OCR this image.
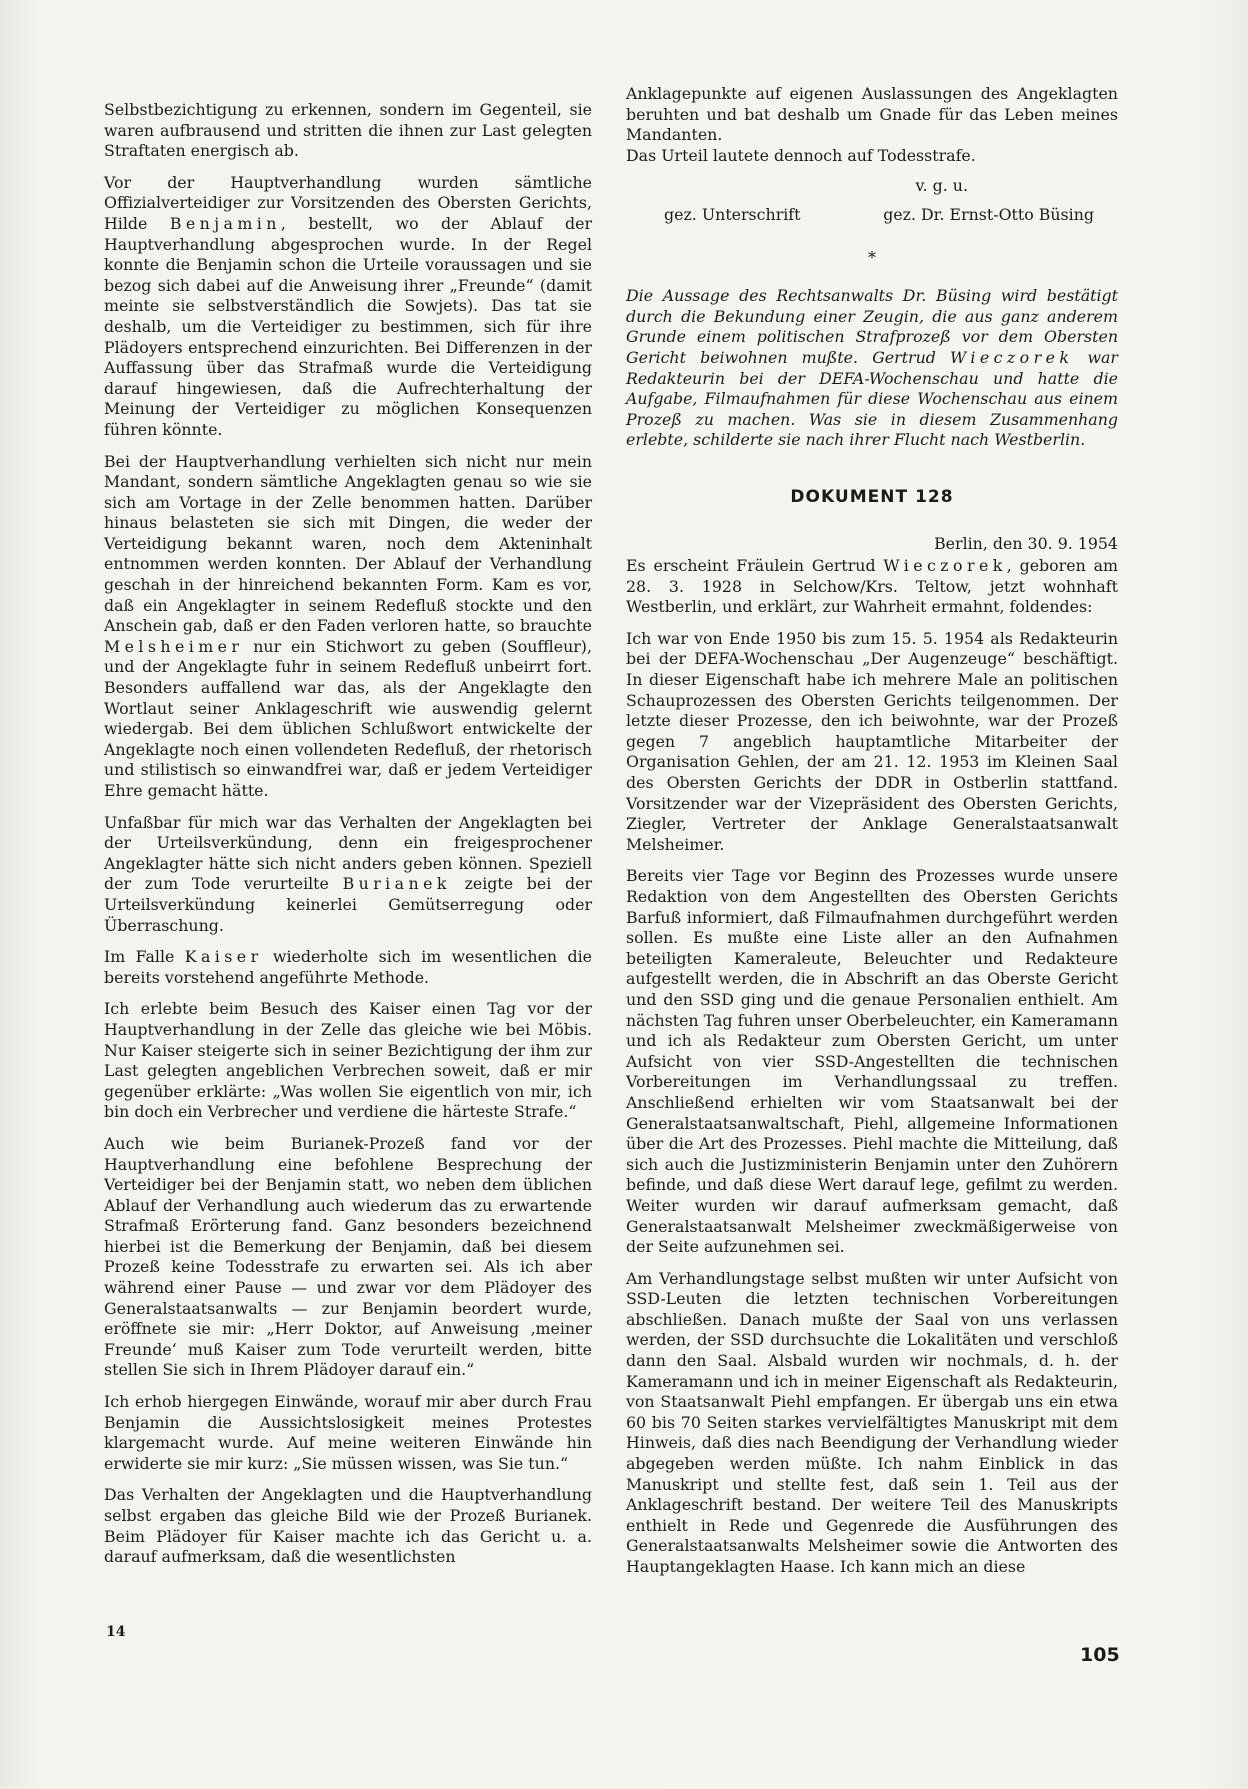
Selbstbezichtigung zu erkennen, sondern im Gegenteil, sie waren aufbrausend und stritten die ihnen zur Last gelegten Straftaten energisch ab.

Vor der Hauptverhandlung wurden sämtliche Offizialverteidiger zur Vorsitzenden des Obersten Gerichts, Hilde Benjamin, bestellt, wo der Ablauf der Hauptverhandlung abgesprochen wurde. In der Regel konnte die Benjamin schon die Urteile voraussagen und sie bezog sich dabei auf die Anweisung ihrer „Freunde“ (damit meinte sie selbstverständlich die Sowjets). Das tat sie deshalb, um die Verteidiger zu bestimmen, sich für ihre Plädoyers entsprechend einzurichten. Bei Differenzen in der Auffassung über das Strafmaß wurde die Verteidigung darauf hingewiesen, daß die Aufrechterhaltung der Meinung der Verteidiger zu möglichen Konsequenzen führen könnte.

Bei der Hauptverhandlung verhielten sich nicht nur mein Mandant, sondern sämtliche Angeklagten genau so wie sie sich am Vortage in der Zelle benommen hatten. Darüber hinaus belasteten sie sich mit Dingen, die weder der Verteidigung bekannt waren, noch dem Akteninhalt entnommen werden konnten. Der Ablauf der Verhandlung geschah in der hinreichend bekannten Form. Kam es vor, daß ein Angeklagter in seinem Redefluß stockte und den Anschein gab, daß er den Faden verloren hatte, so brauchte Melsheimer nur ein Stichwort zu geben (Souffleur), und der Angeklagte fuhr in seinem Redefluß unbeirrt fort. Besonders auffallend war das, als der Angeklagte den Wortlaut seiner Anklageschrift wie auswendig gelernt wiedergab. Bei dem üblichen Schlußwort entwickelte der Angeklagte noch einen vollendeten Redefluß, der rhetorisch und stilistisch so einwandfrei war, daß er jedem Verteidiger Ehre gemacht hätte.

Unfaßbar für mich war das Verhalten der Angeklagten bei der Urteilsverkündung, denn ein freigesprochener Angeklagter hätte sich nicht anders geben können. Speziell der zum Tode verurteilte Burianek zeigte bei der Urteilsverkündung keinerlei Gemütserregung oder Überraschung.

Im Falle Kaiser wiederholte sich im wesentlichen die bereits vorstehend angeführte Methode.

Ich erlebte beim Besuch des Kaiser einen Tag vor der Hauptverhandlung in der Zelle das gleiche wie bei Möbis. Nur Kaiser steigerte sich in seiner Bezichtigung der ihm zur Last gelegten angeblichen Verbrechen soweit, daß er mir gegenüber erklärte: „Was wollen Sie eigentlich von mir, ich bin doch ein Verbrecher und verdiene die härteste Strafe.“

Auch wie beim Burianek-Prozeß fand vor der Hauptverhandlung eine befohlene Besprechung der Verteidiger bei der Benjamin statt, wo neben dem üblichen Ablauf der Verhandlung auch wiederum das zu erwartende Strafmaß Erörterung fand. Ganz besonders bezeichnend hierbei ist die Bemerkung der Benjamin, daß bei diesem Prozeß keine Todesstrafe zu erwarten sei. Als ich aber während einer Pause — und zwar vor dem Plädoyer des Generalstaatsanwalts — zur Benjamin beordert wurde, eröffnete sie mir: „Herr Doktor, auf Anweisung ‚meiner Freunde‘ muß Kaiser zum Tode verurteilt werden, bitte stellen Sie sich in Ihrem Plädoyer darauf ein.“

Ich erhob hiergegen Einwände, worauf mir aber durch Frau Benjamin die Aussichtslosigkeit meines Protestes klargemacht wurde. Auf meine weiteren Einwände hin erwiderte sie mir kurz: „Sie müssen wissen, was Sie tun.“

Das Verhalten der Angeklagten und die Hauptverhandlung selbst ergaben das gleiche Bild wie der Prozeß Burianek. Beim Plädoyer für Kaiser machte ich das Gericht u. a. darauf aufmerksam, daß die wesentlichsten

Anklagepunkte auf eigenen Auslassungen des Angeklagten beruhten und bat deshalb um Gnade für das Leben meines Mandanten.

Das Urteil lautete dennoch auf Todesstrafe.

v. g. u.
gez. Unterschrift	gez. Dr. Ernst-Otto Büsing
*

Die Aussage des Rechtsanwalts Dr. Büsing wird bestätigt durch die Bekundung einer Zeugin, die aus ganz anderem Grunde einem politischen Strafprozeß vor dem Obersten Gericht beiwohnen mußte. Gertrud Wieczorek war Redakteurin bei der DEFA-Wochenschau und hatte die Aufgabe, Filmaufnahmen für diese Wochenschau aus einem Prozeß zu machen. Was sie in diesem Zusammenhang erlebte, schilderte sie nach ihrer Flucht nach Westberlin.

DOKUMENT 128
Berlin, den 30. 9. 1954

Es erscheint Fräulein Gertrud Wieczorek, geboren am 28. 3. 1928 in Selchow/Krs. Teltow, jetzt wohnhaft Westberlin, und erklärt, zur Wahrheit ermahnt, foldendes:

Ich war von Ende 1950 bis zum 15. 5. 1954 als Redakteurin bei der DEFA-Wochenschau „Der Augenzeuge“ beschäftigt. In dieser Eigenschaft habe ich mehrere Male an politischen Schauprozessen des Obersten Gerichts teilgenommen. Der letzte dieser Prozesse, den ich beiwohnte, war der Prozeß gegen 7 angeblich hauptamtliche Mitarbeiter der Organisation Gehlen, der am 21. 12. 1953 im Kleinen Saal des Obersten Gerichts der DDR in Ostberlin stattfand. Vorsitzender war der Vizepräsident des Obersten Gerichts, Ziegler, Vertreter der Anklage Generalstaatsanwalt Melsheimer.

Bereits vier Tage vor Beginn des Prozesses wurde unsere Redaktion von dem Angestellten des Obersten Gerichts Barfuß informiert, daß Filmaufnahmen durchgeführt werden sollen. Es mußte eine Liste aller an den Aufnahmen beteiligten Kameraleute, Beleuchter und Redakteure aufgestellt werden, die in Abschrift an das Oberste Gericht und den SSD ging und die genaue Personalien enthielt. Am nächsten Tag fuhren unser Oberbeleuchter, ein Kameramann und ich als Redakteur zum Obersten Gericht, um unter Aufsicht von vier SSD-Angestellten die technischen Vorbereitungen im Verhandlungssaal zu treffen. Anschließend erhielten wir vom Staatsanwalt bei der Generalstaatsanwaltschaft, Piehl, allgemeine Informationen über die Art des Prozesses. Piehl machte die Mitteilung, daß sich auch die Justizministerin Benjamin unter den Zuhörern befinde, und daß diese Wert darauf lege, gefilmt zu werden. Weiter wurden wir darauf aufmerksam gemacht, daß Generalstaatsanwalt Melsheimer zweckmäßigerweise von der Seite aufzunehmen sei.

Am Verhandlungstage selbst mußten wir unter Aufsicht von SSD-Leuten die letzten technischen Vorbereitungen abschließen. Danach mußte der Saal von uns verlassen werden, der SSD durchsuchte die Lokalitäten und verschloß dann den Saal. Alsbald wurden wir nochmals, d. h. der Kameramann und ich in meiner Eigenschaft als Redakteurin, von Staatsanwalt Piehl empfangen. Er übergab uns ein etwa 60 bis 70 Seiten starkes vervielfältigtes Manuskript mit dem Hinweis, daß dies nach Beendigung der Verhandlung wieder abgegeben werden müßte. Ich nahm Einblick in das Manuskript und stellte fest, daß sein 1. Teil aus der Anklageschrift bestand. Der weitere Teil des Manuskripts enthielt in Rede und Gegenrede die Ausführungen des Generalstaatsanwalts Melsheimer sowie die Antworten des Hauptangeklagten Haase. Ich kann mich an diese

14
105
